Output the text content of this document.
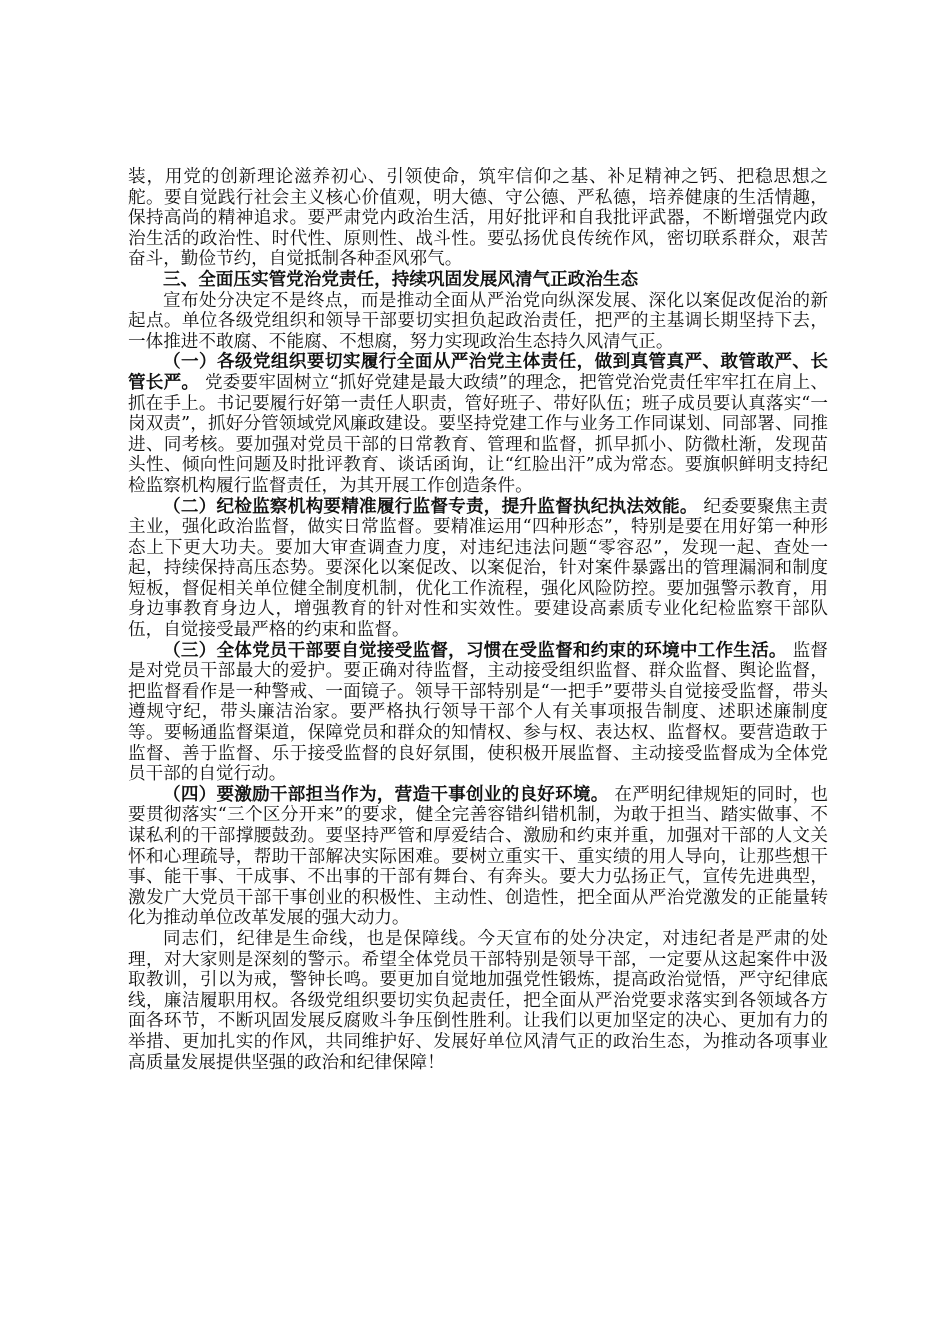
装，用党的创新理论滋养初心、引领使命，筑牢信仰之基、补足精神之钙、把稳思想之舵。要自觉践行社会主义核心价值观，明大德、守公德、严私德，培养健康的生活情趣，保持高尚的精神追求。要严肃党内政治生活，用好批评和自我批评武器，不断增强党内政治生活的政治性、时代性、原则性、战斗性。要弘扬优良传统作风，密切联系群众，艰苦奋斗，勤俭节约，自觉抵制各种歪风邪气。

三、全面压实管党治党责任，持续巩固发展风清气正政治生态

宣布处分决定不是终点，而是推动全面从严治党向纵深发展、深化以案促改促治的新起点。单位各级党组织和领导干部要切实担负起政治责任，把严的主基调长期坚持下去，一体推进不敢腐、不能腐、不想腐，努力实现政治生态持久风清气正。

（一）各级党组织要切实履行全面从严治党主体责任，做到真管真严、敢管敢严、长管长严。 党委要牢固树立“抓好党建是最大政绩”的理念，把管党治党责任牢牢扛在肩上、抓在手上。书记要履行好第一责任人职责，管好班子、带好队伍；班子成员要认真落实“一岗双责”，抓好分管领域党风廉政建设。要坚持党建工作与业务工作同谋划、同部署、同推进、同考核。要加强对党员干部的日常教育、管理和监督，抓早抓小、防微杜渐，发现苗头性、倾向性问题及时批评教育、谈话函询，让“红脸出汗”成为常态。要旗帜鲜明支持纪检监察机构履行监督责任，为其开展工作创造条件。

（二）纪检监察机构要精准履行监督专责，提升监督执纪执法效能。 纪委要聚焦主责主业，强化政治监督，做实日常监督。要精准运用“四种形态”，特别是要在用好第一种形态上下更大功夫。要加大审查调查力度，对违纪违法问题“零容忍”，发现一起、查处一起，持续保持高压态势。要深化以案促改、以案促治，针对案件暴露出的管理漏洞和制度短板，督促相关单位健全制度机制，优化工作流程，强化风险防控。要加强警示教育，用身边事教育身边人，增强教育的针对性和实效性。要建设高素质专业化纪检监察干部队伍，自觉接受最严格的约束和监督。

（三）全体党员干部要自觉接受监督，习惯在受监督和约束的环境中工作生活。 监督是对党员干部最大的爱护。要正确对待监督，主动接受组织监督、群众监督、舆论监督，把监督看作是一种警戒、一面镜子。领导干部特别是“一把手”要带头自觉接受监督，带头遵规守纪，带头廉洁治家。要严格执行领导干部个人有关事项报告制度、述职述廉制度等。要畅通监督渠道，保障党员和群众的知情权、参与权、表达权、监督权。要营造敢于监督、善于监督、乐于接受监督的良好氛围，使积极开展监督、主动接受监督成为全体党员干部的自觉行动。

（四）要激励干部担当作为，营造干事创业的良好环境。 在严明纪律规矩的同时，也要贯彻落实“三个区分开来”的要求，健全完善容错纠错机制，为敢于担当、踏实做事、不谋私利的干部撑腰鼓劲。要坚持严管和厚爱结合、激励和约束并重，加强对干部的人文关怀和心理疏导，帮助干部解决实际困难。要树立重实干、重实绩的用人导向，让那些想干事、能干事、干成事、不出事的干部有舞台、有奔头。要大力弘扬正气，宣传先进典型，激发广大党员干部干事创业的积极性、主动性、创造性，把全面从严治党激发的正能量转化为推动单位改革发展的强大动力。

同志们，纪律是生命线，也是保障线。今天宣布的处分决定，对违纪者是严肃的处理，对大家则是深刻的警示。希望全体党员干部特别是领导干部，一定要从这起案件中汲取教训，引以为戒，警钟长鸣。要更加自觉地加强党性锻炼，提高政治觉悟，严守纪律底线，廉洁履职用权。各级党组织要切实负起责任，把全面从严治党要求落实到各领域各方面各环节，不断巩固发展反腐败斗争压倒性胜利。让我们以更加坚定的决心、更加有力的举措、更加扎实的作风，共同维护好、发展好单位风清气正的政治生态，为推动各项事业高质量发展提供坚强的政治和纪律保障！
